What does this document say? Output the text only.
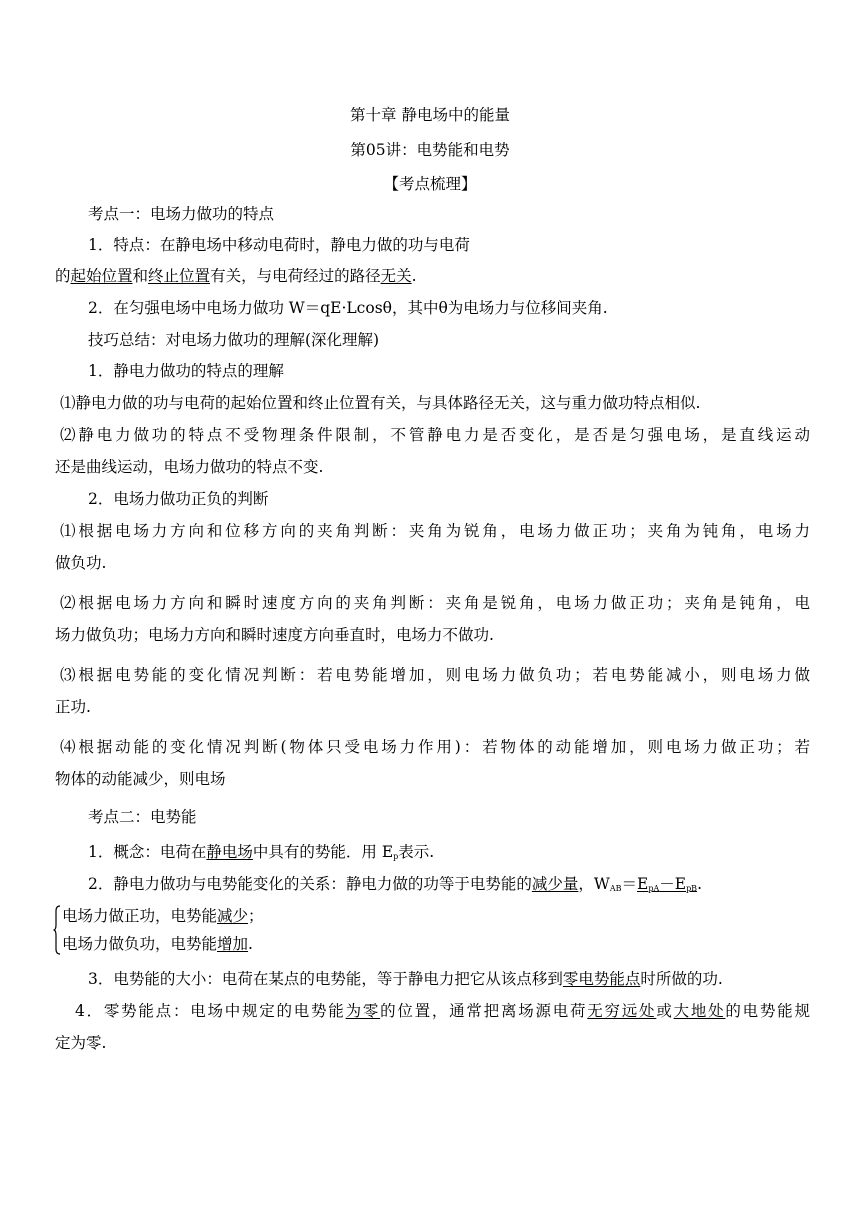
第十章 静电场中的能量
第05讲：电势能和电势
【考点梳理】
考点一：电场力做功的特点
1．特点：在静电场中移动电荷时，静电力做的功与电荷
的起始位置和终止位置有关，与电荷经过的路径无关.
2．在匀强电场中电场力做功 W＝qE·Lcosθ，其中θ为电场力与位移间夹角.
技巧总结：对电场力做功的理解(深化理解)
1．静电力做功的特点的理解
⑴静电力做的功与电荷的起始位置和终止位置有关，与具体路径无关，这与重力做功特点相似.
⑵静电力做功的特点不受物理条件限制，不管静电力是否变化，是否是匀强电场，是直线运动
还是曲线运动，电场力做功的特点不变.
2．电场力做功正负的判断
⑴根据电场力方向和位移方向的夹角判断：夹角为锐角，电场力做正功；夹角为钝角，电场力
做负功.
⑵根据电场力方向和瞬时速度方向的夹角判断：夹角是锐角，电场力做正功；夹角是钝角，电
场力做负功；电场力方向和瞬时速度方向垂直时，电场力不做功.
⑶根据电势能的变化情况判断：若电势能增加，则电场力做负功；若电势能减小，则电场力做
正功.
⑷根据动能的变化情况判断(物体只受电场力作用)：若物体的动能增加，则电场力做正功；若
物体的动能减少，则电场
考点二：电势能
1．概念：电荷在静电场中具有的势能．用 $E_p$表示.
2．静电力做功与电势能变化的关系：静电力做的功等于电势能的减少量，$W_{AB}=E_{pA}-E_{pB}$.
电场力做正功，电势能减少；
电场力做负功，电势能增加.
3．电势能的大小：电荷在某点的电势能，等于静电力把它从该点移到零电势能点时所做的功.
4．零势能点：电场中规定的电势能为零的位置，通常把离场源电荷无穷远处或大地处的电势能规
定为零.
